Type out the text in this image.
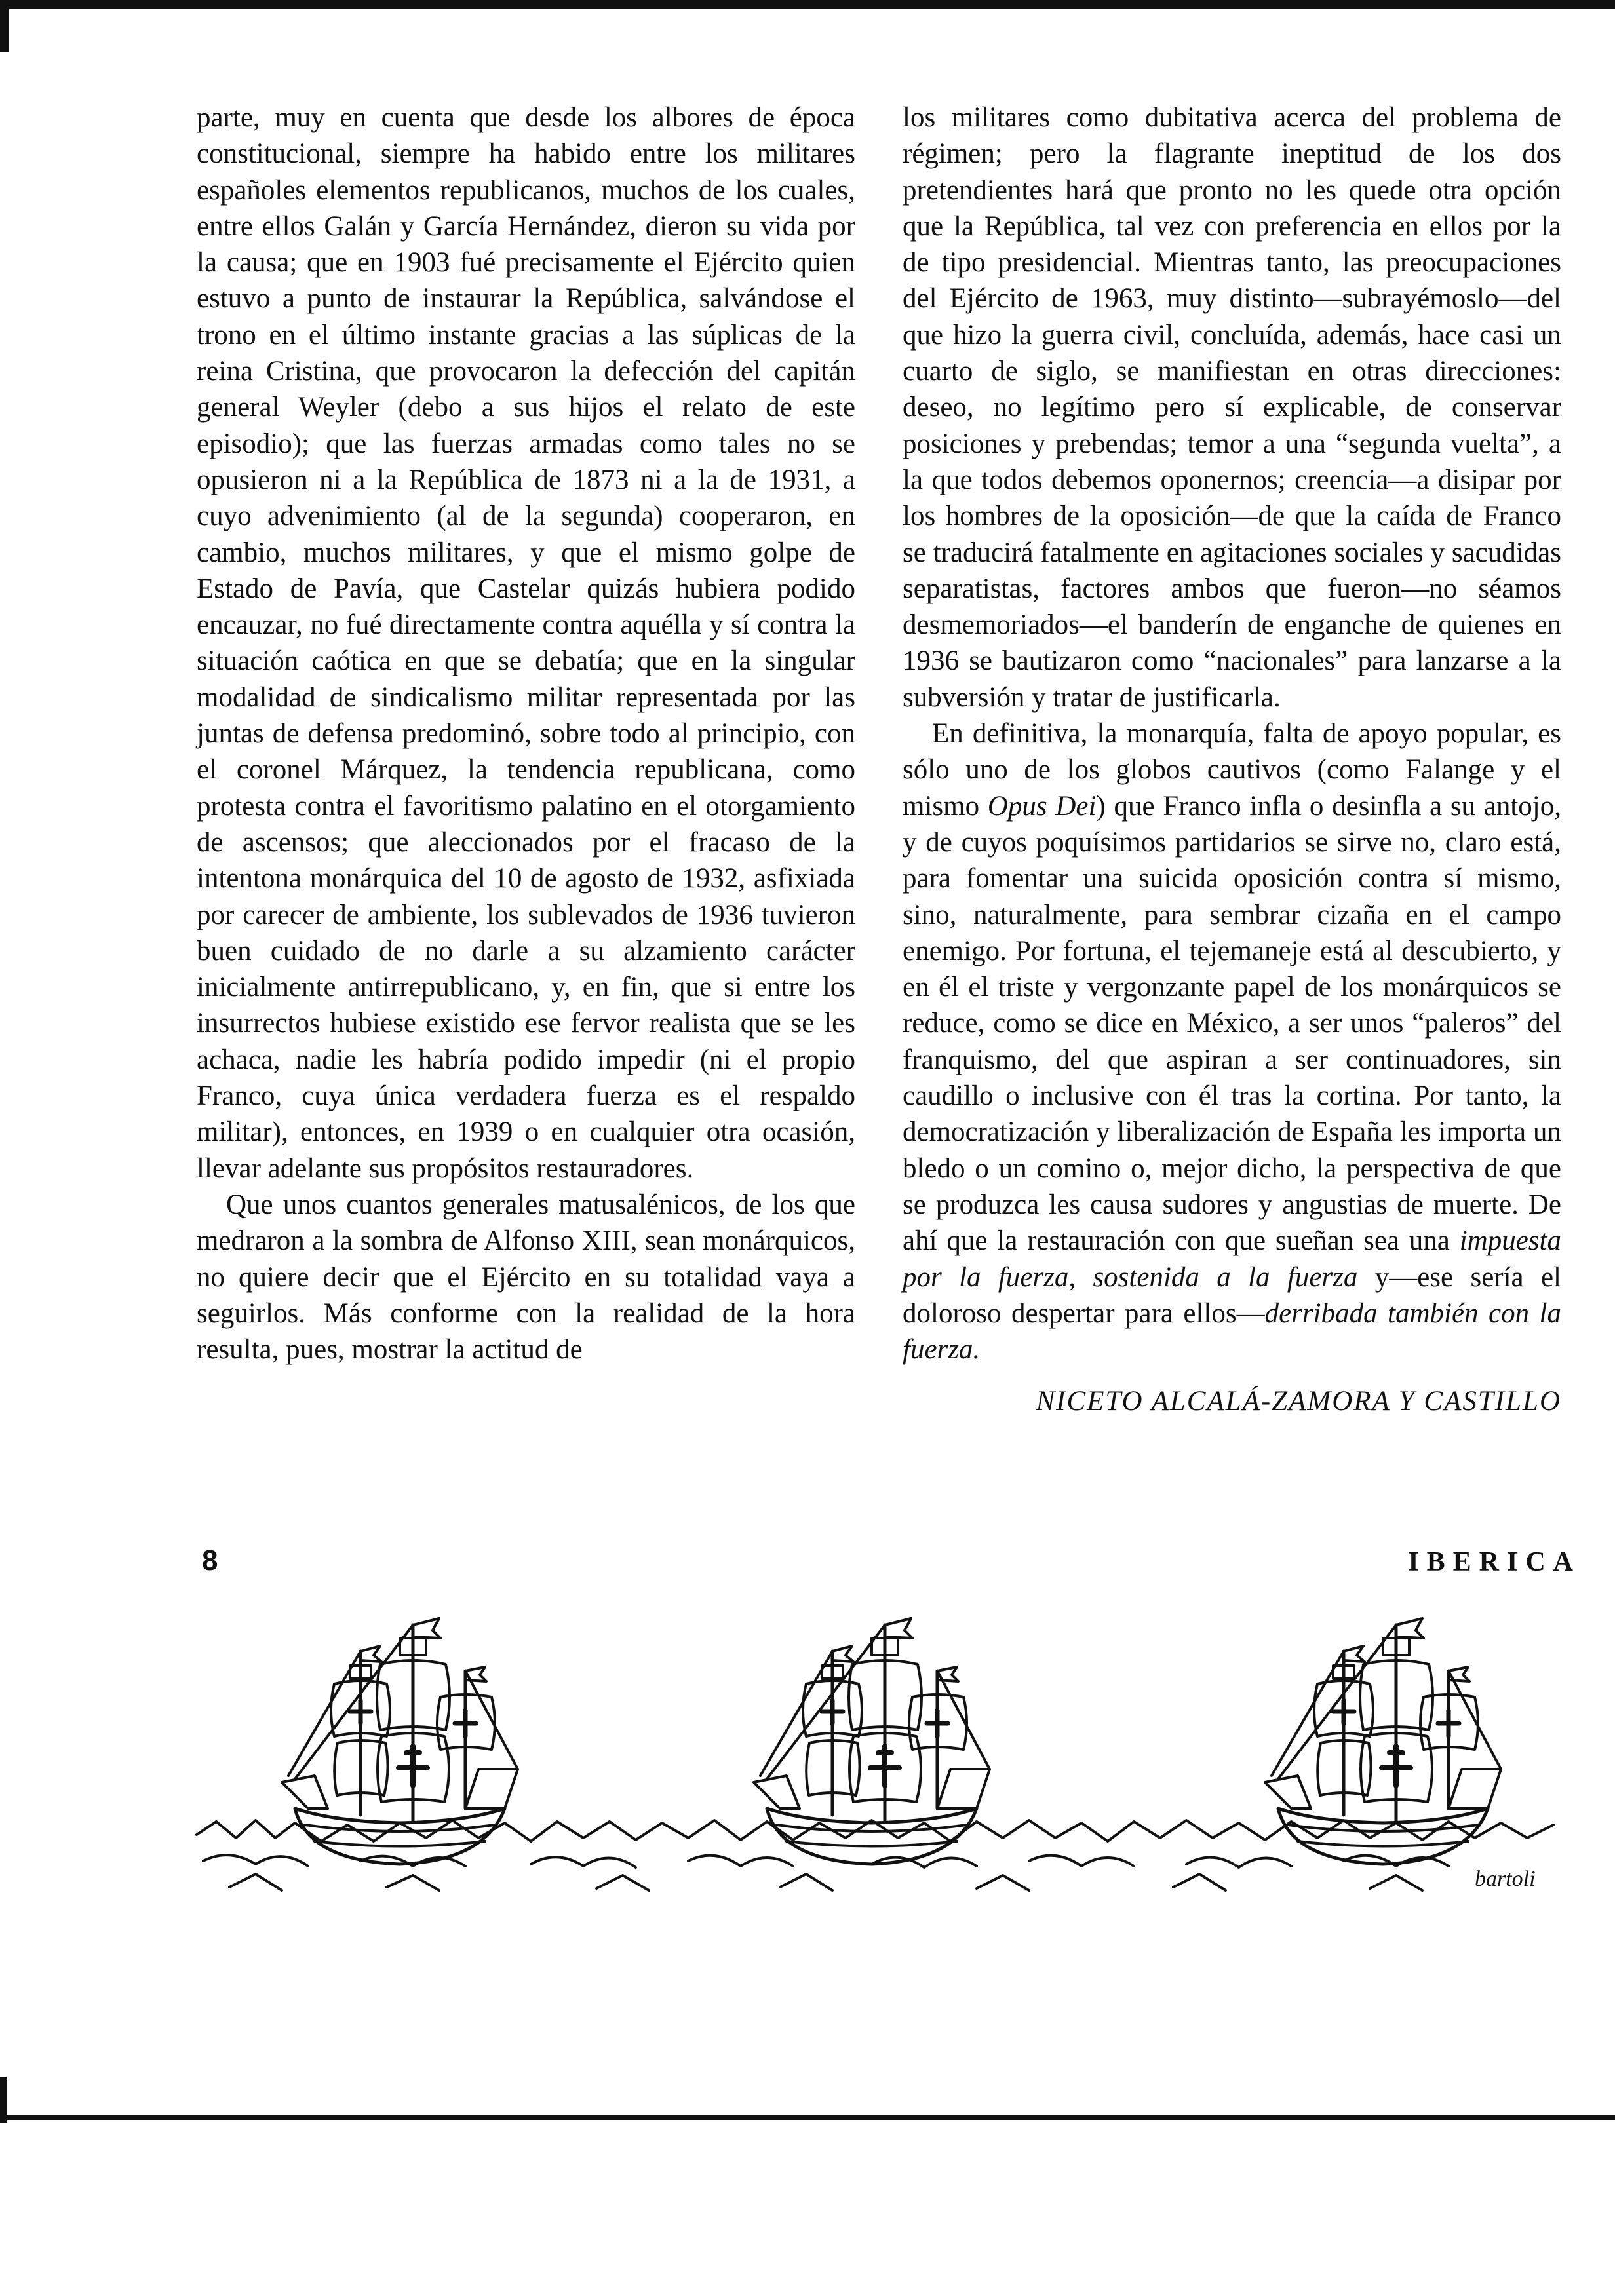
parte, muy en cuenta que desde los albores de época constitucional, siempre ha habido entre los militares españoles elementos republicanos, muchos de los cuales, entre ellos Galán y García Hernández, dieron su vida por la causa; que en 1903 fué precisamente el Ejército quien estuvo a punto de instaurar la República, salvándose el trono en el último instante gracias a las súplicas de la reina Cristina, que provocaron la defección del capitán general Weyler (debo a sus hijos el relato de este episodio); que las fuerzas armadas como tales no se opusieron ni a la República de 1873 ni a la de 1931, a cuyo advenimiento (al de la segunda) cooperaron, en cambio, muchos militares, y que el mismo golpe de Estado de Pavía, que Castelar quizás hubiera podido encauzar, no fué directamente contra aquélla y sí contra la situación caótica en que se debatía; que en la singular modalidad de sindicalismo militar representada por las juntas de defensa predominó, sobre todo al principio, con el coronel Márquez, la tendencia republicana, como protesta contra el favoritismo palatino en el otorgamiento de ascensos; que aleccionados por el fracaso de la intentona monárquica del 10 de agosto de 1932, asfixiada por carecer de ambiente, los sublevados de 1936 tuvieron buen cuidado de no darle a su alzamiento carácter inicialmente antirrepublicano, y, en fin, que si entre los insurrectos hubiese existido ese fervor realista que se les achaca, nadie les habría podido impedir (ni el propio Franco, cuya única verdadera fuerza es el respaldo militar), entonces, en 1939 o en cualquier otra ocasión, llevar adelante sus propósitos restauradores.

Que unos cuantos generales matusalénicos, de los que medraron a la sombra de Alfonso XIII, sean monárquicos, no quiere decir que el Ejército en su totalidad vaya a seguirlos. Más conforme con la realidad de la hora resulta, pues, mostrar la actitud de

los militares como dubitativa acerca del problema de régimen; pero la flagrante ineptitud de los dos pretendientes hará que pronto no les quede otra opción que la República, tal vez con preferencia en ellos por la de tipo presidencial. Mientras tanto, las preocupaciones del Ejército de 1963, muy distinto—subrayémoslo—del que hizo la guerra civil, concluída, además, hace casi un cuarto de siglo, se manifiestan en otras direcciones: deseo, no legítimo pero sí explicable, de conservar posiciones y prebendas; temor a una “segunda vuelta”, a la que todos debemos oponernos; creencia—a disipar por los hombres de la oposición—de que la caída de Franco se traducirá fatalmente en agitaciones sociales y sacudidas separatistas, factores ambos que fueron—no séamos desmemoriados—el banderín de enganche de quienes en 1936 se bautizaron como “nacionales” para lanzarse a la subversión y tratar de justificarla.

En definitiva, la monarquía, falta de apoyo popular, es sólo uno de los globos cautivos (como Falange y el mismo Opus Dei) que Franco infla o desinfla a su antojo, y de cuyos poquísimos partidarios se sirve no, claro está, para fomentar una suicida oposición contra sí mismo, sino, naturalmente, para sembrar cizaña en el campo enemigo. Por fortuna, el tejemaneje está al descubierto, y en él el triste y vergonzante papel de los monárquicos se reduce, como se dice en México, a ser unos “paleros” del franquismo, del que aspiran a ser continuadores, sin caudillo o inclusive con él tras la cortina. Por tanto, la democratización y liberalización de España les importa un bledo o un comino o, mejor dicho, la perspectiva de que se produzca les causa sudores y angustias de muerte. De ahí que la restauración con que sueñan sea una impuesta por la fuerza, sostenida a la fuerza y—ese sería el doloroso despertar para ellos—derribada también con la fuerza.

NICETO ALCALÁ-ZAMORA Y CASTILLO

bartoli
8	IBERICA
